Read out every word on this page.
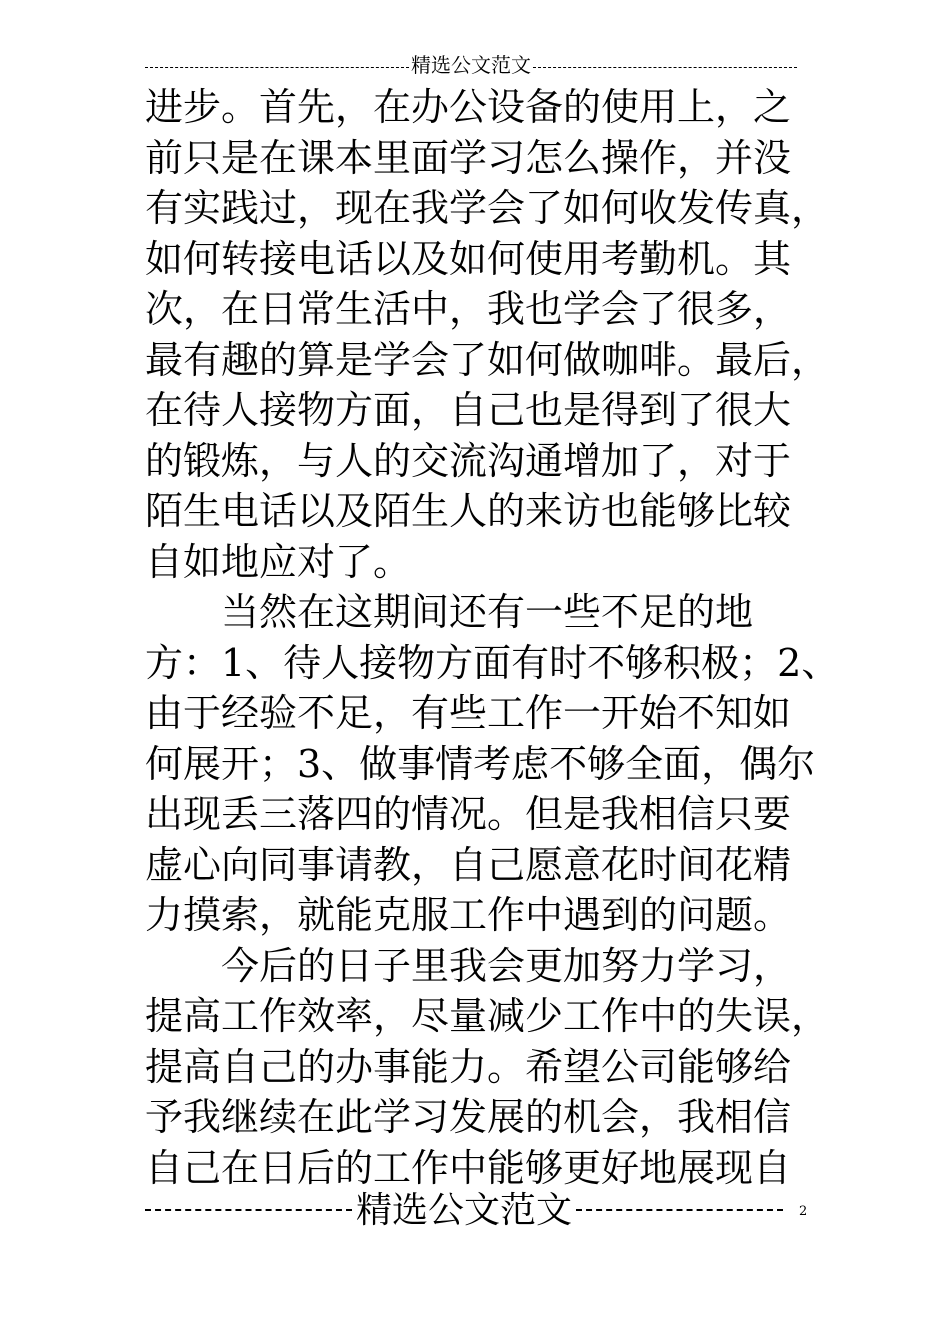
精选公文范文
进步。首先，在办公设备的使用上，之
前只是在课本里面学习怎么操作，并没
有实践过，现在我学会了如何收发传真，
如何转接电话以及如何使用考勤机。其
次，在日常生活中，我也学会了很多，
最有趣的算是学会了如何做咖啡。最后，
在待人接物方面，自己也是得到了很大
的锻炼，与人的交流沟通增加了，对于
陌生电话以及陌生人的来访也能够比较
自如地应对了。
　　当然在这期间还有一些不足的地
方：1、待人接物方面有时不够积极；2、
由于经验不足，有些工作一开始不知如
何展开；3、做事情考虑不够全面，偶尔
出现丢三落四的情况。但是我相信只要
虚心向同事请教，自己愿意花时间花精
力摸索，就能克服工作中遇到的问题。
　　今后的日子里我会更加努力学习，
提高工作效率，尽量减少工作中的失误，
提高自己的办事能力。希望公司能够给
予我继续在此学习发展的机会，我相信
自己在日后的工作中能够更好地展现自
精选公文范文	2
